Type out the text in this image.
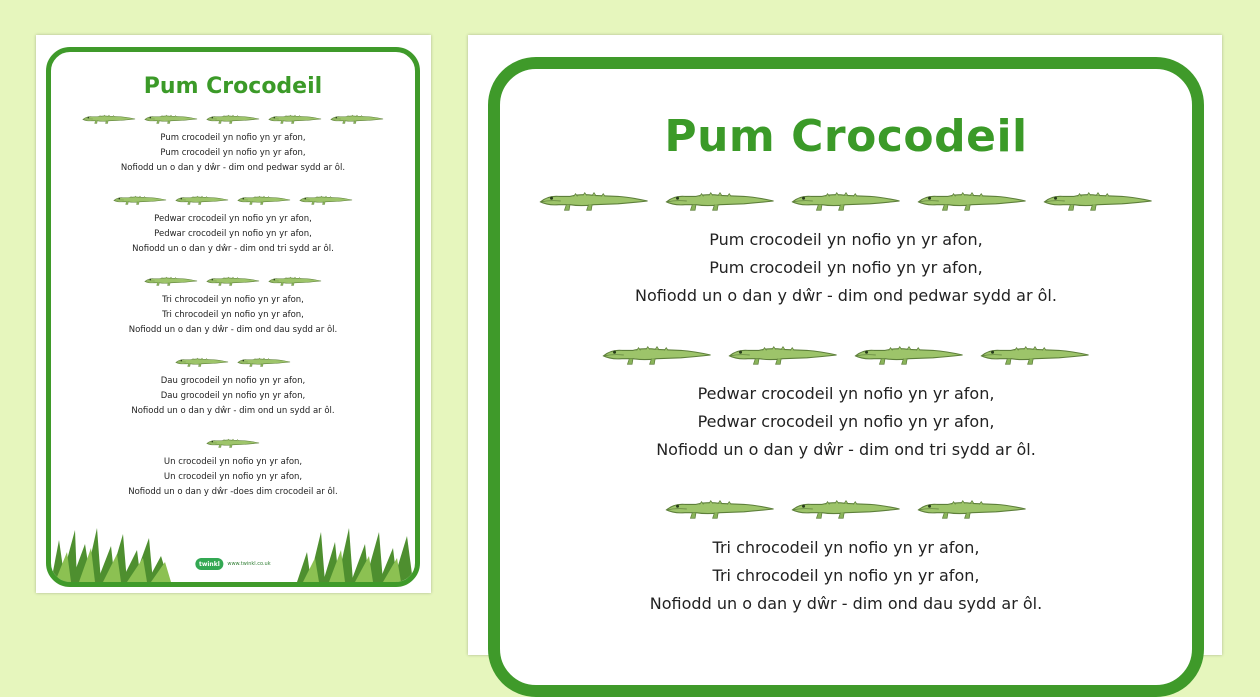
Pum Crocodeil
Pum crocodeil yn nofio yn yr afon,
Pum crocodeil yn nofio yn yr afon,
Nofiodd un o dan y dŵr - dim ond pedwar sydd ar ôl.
Pedwar crocodeil yn nofio yn yr afon,
Pedwar crocodeil yn nofio yn yr afon,
Nofiodd un o dan y dŵr - dim ond tri sydd ar ôl.
Tri chrocodeil yn nofio yn yr afon,
Tri chrocodeil yn nofio yn yr afon,
Nofiodd un o dan y dŵr - dim ond dau sydd ar ôl.
Dau grocodeil yn nofio yn yr afon,
Dau grocodeil yn nofio yn yr afon,
Nofiodd un o dan y dŵr - dim ond un sydd ar ôl.
Un crocodeil yn nofio yn yr afon,
Un crocodeil yn nofio yn yr afon,
Nofiodd un o dan y dŵr -does dim crocodeil ar ôl.
twinkl	www.twinkl.co.uk
Pum Crocodeil
Pum crocodeil yn nofio yn yr afon,
Pum crocodeil yn nofio yn yr afon,
Nofiodd un o dan y dŵr - dim ond pedwar sydd ar ôl.
Pedwar crocodeil yn nofio yn yr afon,
Pedwar crocodeil yn nofio yn yr afon,
Nofiodd un o dan y dŵr - dim ond tri sydd ar ôl.
Tri chrocodeil yn nofio yn yr afon,
Tri chrocodeil yn nofio yn yr afon,
Nofiodd un o dan y dŵr - dim ond dau sydd ar ôl.
